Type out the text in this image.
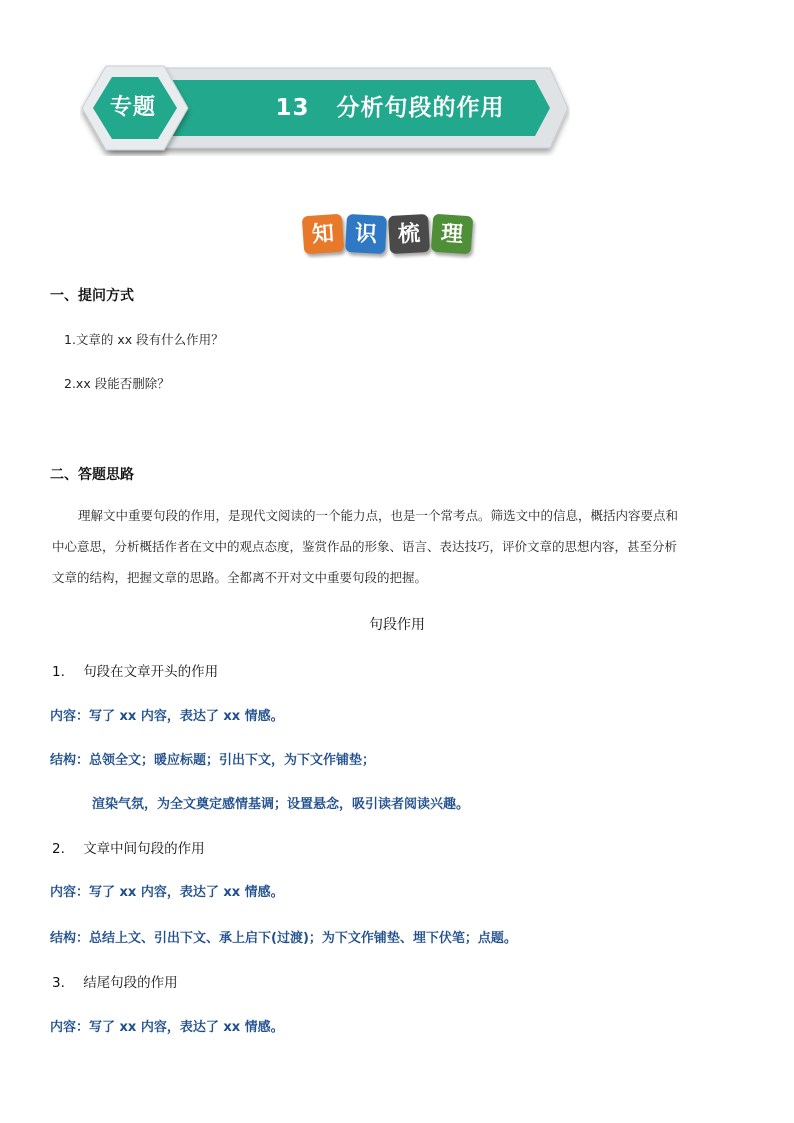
专题	13   分析句段的作用
知 识 梳 理
一、提问方式
1.文章的 xx 段有什么作用？
2.xx 段能否删除？
二、答题思路

理解文中重要句段的作用，是现代文阅读的一个能力点，也是一个常考点。筛选文中的信息，概括内容要点和

中心意思，分析概括作者在文中的观点态度，鉴赏作品的形象、语言、表达技巧，评价文章的思想内容，甚至分析

文章的结构，把握文章的思路。全都离不开对文中重要句段的把握。

句段作用
1. 句段在文章开头的作用
内容：写了 xx 内容，表达了 xx 情感。
结构：总领全文；暖应标题；引出下文，为下文作铺垫；
渲染气氛，为全文奠定感情基调；设置悬念，吸引读者阅读兴趣。
2. 文章中间句段的作用
内容：写了 xx 内容，表达了 xx 情感。
结构：总结上文、引出下文、承上启下(过渡)；为下文作铺垫、埋下伏笔；点题。
3. 结尾句段的作用
内容：写了 xx 内容，表达了 xx 情感。
